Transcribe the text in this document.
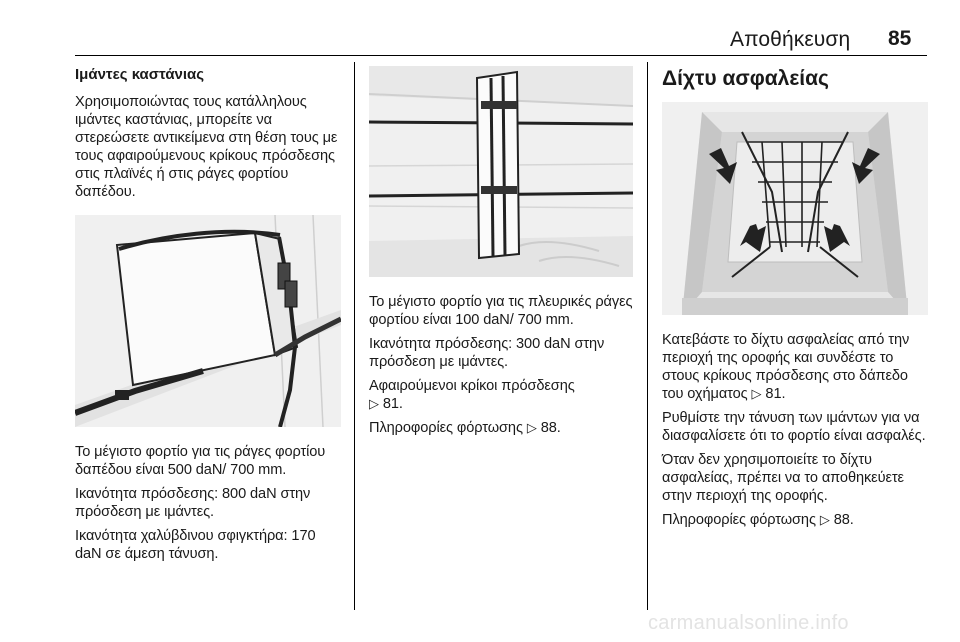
Αποθήκευση 85
Ιμάντες καστάνιας

Χρησιμοποιώντας τους κατάλληλους ιμάντες καστάνιας, μπορείτε να στερεώσετε αντικείμενα στη θέση τους με τους αφαιρούμενους κρίκους πρόσδεσης στις πλαϊνές ή στις ράγες φορτίου δαπέδου.

Το μέγιστο φορτίο για τις ράγες φορτίου δαπέδου είναι 500 daN/ 700 mm.

Ικανότητα πρόσδεσης: 800 daN στην πρόσδεση με ιμάντες.

Ικανότητα χαλύβδινου σφιγκτήρα: 170 daN σε άμεση τάνυση.

Το μέγιστο φορτίο για τις πλευρικές ράγες φορτίου είναι 100 daN/ 700 mm.

Ικανότητα πρόσδεσης: 300 daN στην πρόσδεση με ιμάντες.

Αφαιρούμενοι κρίκοι πρόσδεσης
▷ 81.

Πληροφορίες φόρτωσης ▷ 88.

Δίχτυ ασφαλείας

Κατεβάστε το δίχτυ ασφαλείας από την περιοχή της οροφής και συνδέστε το στους κρίκους πρόσδεσης στο δάπεδο του οχήματος ▷ 81.

Ρυθμίστε την τάνυση των ιμάντων για να διασφαλίσετε ότι το φορτίο είναι ασφαλές.

Όταν δεν χρησιμοποιείτε το δίχτυ ασφαλείας, πρέπει να το αποθηκεύετε στην περιοχή της οροφής.

Πληροφορίες φόρτωσης ▷ 88.

carmanualsonline.info
